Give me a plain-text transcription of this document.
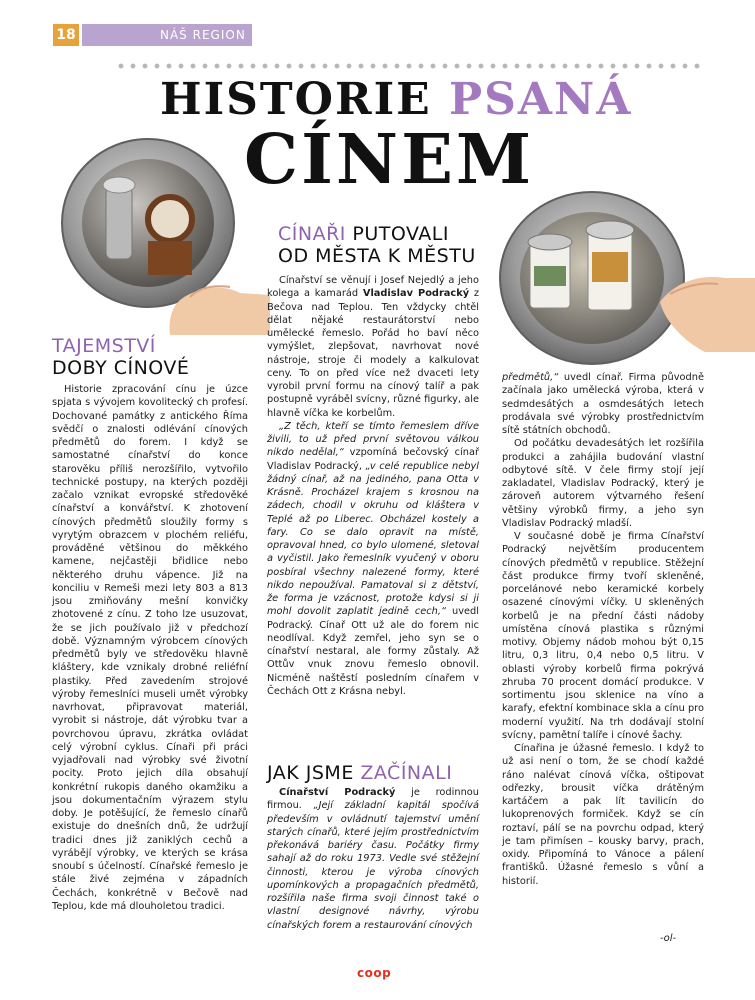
18	NÁŠ REGION
HISTORIE PSANÁ
CÍNEM
TAJEMSTVÍ
DOBY CÍNOVÉ

Historie zpracování cínu je úzce spjata s vývojem kovolitecký ch profesí. Dochované památky z antického Říma svědčí o znalosti odlévání cínových předmětů do forem. I když se samostatné cínařství do konce starověku příliš nerozšířilo, vytvořilo technické postupy, na kterých později začalo vznikat evropské středověké cínařství a konvářství. K zhotovení cínových předmětů sloužily formy s vyrytým obrazcem v plochém reliéfu, prováděné většinou do měkkého kamene, nejčastěji břidlice nebo některého druhu vápence. Již na konciliu v Remeši mezi lety 803 a 813 jsou zmiňovány mešní konvičky zhotovené z cínu. Z toho lze usuzovat, že se jich používalo již v předchozí době. Významným výrobcem cínových předmětů byly ve středověku hlavně kláštery, kde vznikaly drobné reliéfní plastiky. Před zavedením strojové výroby řemeslníci museli umět výrobky navrhovat, připravovat materiál, vyrobit si nástroje, dát výrobku tvar a povrchovou úpravu, zkrátka ovládat celý výrobní cyklus. Cínaři při práci vyjadřovali nad výrobky své životní pocity. Proto jejich díla obsahují konkrétní rukopis daného okamžiku a jsou dokumentačním výrazem stylu doby. Je potěšující, že řemeslo cínařů existuje do dnešních dnů, že udržují tradici dnes již zaniklých cechů a vyrábějí výrobky, ve kterých se krása snoubí s účelností. Cínařské řemeslo je stále živé zejména v západních Čechách, konkrétně v Bečově nad Teplou, kde má dlouholetou tradici.

CÍNAŘI PUTOVALI
OD MĚSTA K MĚSTU

Cínařství se věnují i Josef Nejedlý a jeho kolega a kamarád Vladislav Podracký z Bečova nad Teplou. Ten vždycky chtěl dělat nějaké restaurátorství nebo umělecké řemeslo. Pořád ho baví něco vymýšlet, zlepšovat, navrhovat nové nástroje, stroje či modely a kalkulovat ceny. To on před více než dvaceti lety vyrobil první formu na cínový talíř a pak postupně vyráběl svícny, různé figurky, ale hlavně víčka ke korbelům.

„Z těch, kteří se tímto řemeslem dříve živili, to už před první světovou válkou nikdo nedělal,“ vzpomíná bečovský cínař Vladislav Podracký, „v celé republice nebyl žádný cínař, až na jediného, pana Otta v Krásně. Procházel krajem s krosnou na zádech, chodil v okruhu od kláštera v Teplé až po Liberec. Obcházel kostely a fary. Co se dalo opravit na místě, opravoval hned, co bylo ulomené, sletoval a vyčistil. Jako řemeslník vyučený v oboru posbíral všechny nalezené formy, které nikdo nepoužíval. Pamatoval si z dětství, že forma je vzácnost, protože kdysi si ji mohl dovolit zaplatit jedině cech,“ uvedl Podracký. Cínař Ott už ale do forem nic neodlíval. Když zemřel, jeho syn se o cínařství nestaral, ale formy zůstaly. Až Ottův vnuk znovu řemeslo obnovil. Nicméně naštěstí posledním cínařem v Čechách Ott z Krásna nebyl.

JAK JSME ZAČÍNALI

Cínařství Podracký je rodinnou firmou. „Její základní kapitál spočívá především v ovládnutí tajemství umění starých cínařů, které jejím prostřednictvím překonává bariéry času. Počátky firmy sahají až do roku 1973. Vedle své stěžejní činnosti, kterou je výroba cínových upomínkových a propagačních předmětů, rozšířila naše firma svoji činnost také o vlastní designové návrhy, výrobu cínařských forem a restaurování cínových

předmětů,“ uvedl cínař. Firma původně začínala jako umělecká výroba, která v sedmdesátých a osmdesátých letech prodávala své výrobky prostřednictvím sítě státních obchodů.

Od počátku devadesátých let rozšířila produkci a zahájila budování vlastní odbytové sítě. V čele firmy stojí její zakladatel, Vladislav Podracký, který je zároveň autorem výtvarného řešení většiny výrobků firmy, a jeho syn Vladislav Podracký mladší.

V současné době je firma Cínařství Podracký největším producentem cínových předmětů v republice. Stěžejní část produkce firmy tvoří skleněné, porcelánové nebo keramické korbely osazené cínovými víčky. U skleněných korbelů je na přední části nádoby umístěna cínová plastika s různými motivy. Objemy nádob mohou být 0,15 litru, 0,3 litru, 0,4 nebo 0,5 litru. V oblasti výroby korbelů firma pokrývá zhruba 70 procent domácí produkce. V sortimentu jsou sklenice na víno a karafy, efektní kombinace skla a cínu pro moderní využití. Na trh dodávají stolní svícny, pamětní talíře i cínové šachy.

Cínařina je úžasné řemeslo. I když to už asi není o tom, že se chodí každé ráno nalévat cínová víčka, oštipovat odřezky, brousit víčka drátěným kartáčem a pak lít tavilicín do lukoprenových formiček. Když se cín roztaví, pálí se na povrchu odpad, který je tam přimísen – kousky barvy, prach, oxidy. Připomíná to Vánoce a pálení františků. Úžasné řemeslo s vůní a historií.

-ol-
coop
